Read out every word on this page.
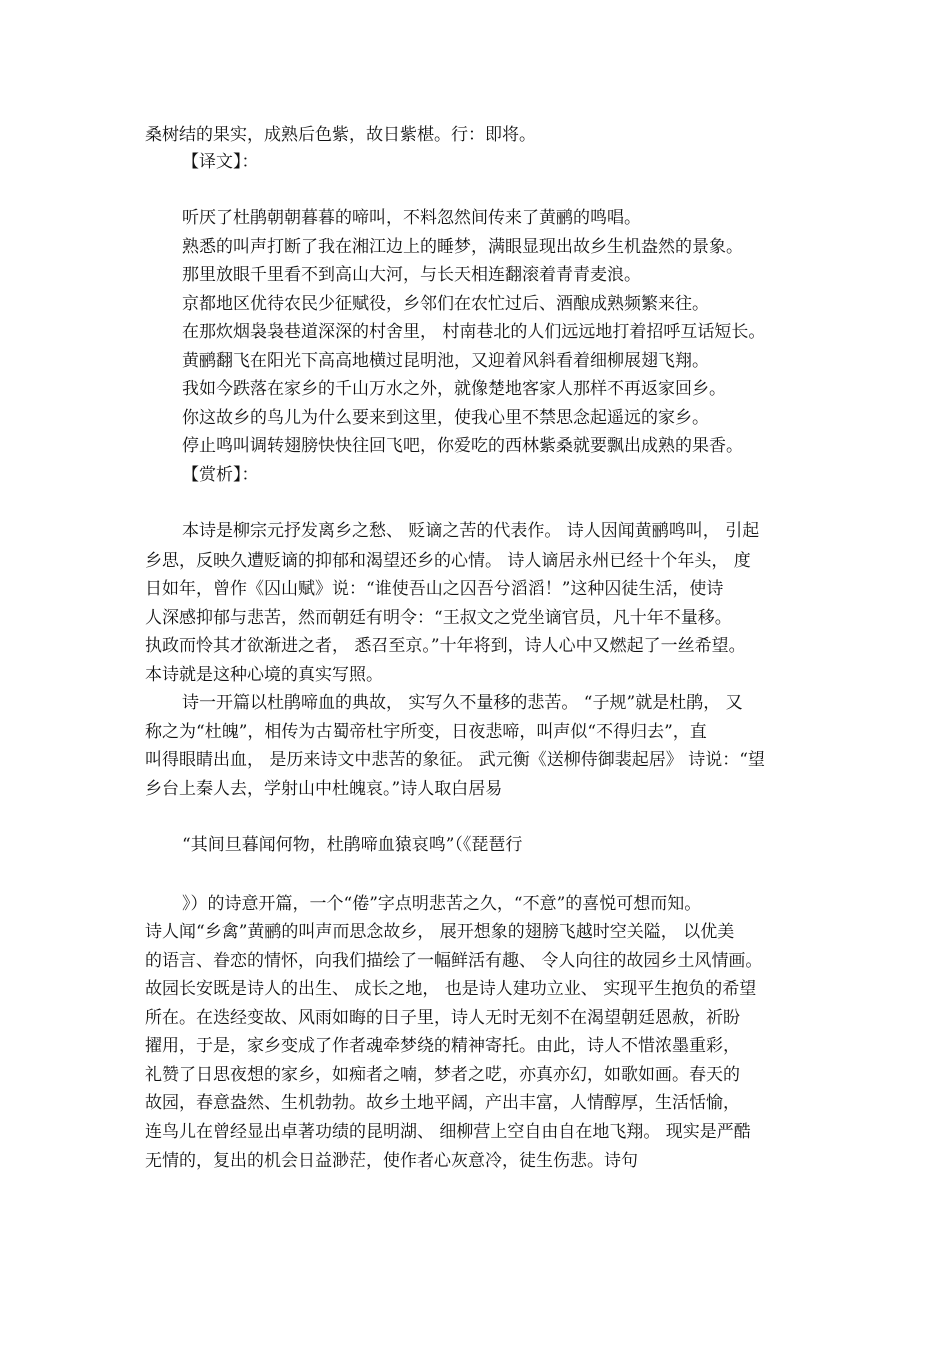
桑树结的果实，成熟后色紫，故日紫椹。行：即将。
【译文】：
听厌了杜鹃朝朝暮暮的啼叫，不料忽然间传来了黄鹂的鸣唱。
熟悉的叫声打断了我在湘江边上的睡梦，满眼显现出故乡生机盎然的景象。
那里放眼千里看不到高山大河，与长天相连翻滚着青青麦浪。
京都地区优待农民少征赋役，乡邻们在农忙过后、酒酿成熟频繁来往。
在那炊烟袅袅巷道深深的村舍里， 村南巷北的人们远远地打着招呼互话短长。
黄鹂翻飞在阳光下高高地横过昆明池，又迎着风斜看着细柳展翅飞翔。
我如今跌落在家乡的千山万水之外，就像楚地客家人那样不再返家回乡。
你这故乡的鸟儿为什么要来到这里，使我心里不禁思念起遥远的家乡。
停止鸣叫调转翅膀快快往回飞吧，你爱吃的西林紫桑就要飘出成熟的果香。
【赏析】：
本诗是柳宗元抒发离乡之愁、 贬谪之苦的代表作。 诗人因闻黄鹂鸣叫， 引起
乡思，反映久遭贬谪的抑郁和渴望还乡的心情。 诗人谪居永州已经十个年头， 度
日如年，曾作《囚山赋》说：“谁使吾山之囚吾兮滔滔！”这种囚徒生活，使诗
人深感抑郁与悲苦，然而朝廷有明令：“王叔文之党坐谪官员，凡十年不量移。
执政而怜其才欲渐进之者， 悉召至京。”十年将到，诗人心中又燃起了一丝希望。
本诗就是这种心境的真实写照。
诗一开篇以杜鹃啼血的典故， 实写久不量移的悲苦。 “子规”就是杜鹃， 又
称之为“杜魄”，相传为古蜀帝杜宇所变，日夜悲啼，叫声似“不得归去”，直
叫得眼睛出血， 是历来诗文中悲苦的象征。 武元衡《送柳侍御裴起居》 诗说：“望
乡台上秦人去，学射山中杜魄哀。”诗人取白居易
“其间旦暮闻何物，杜鹃啼血猿哀鸣”（《琵琶行
》）的诗意开篇，一个“倦”字点明悲苦之久，“不意”的喜悦可想而知。
诗人闻“乡禽”黄鹂的叫声而思念故乡， 展开想象的翅膀飞越时空关隘， 以优美
的语言、眷恋的情怀，向我们描绘了一幅鲜活有趣、 令人向往的故园乡土风情画。
故园长安既是诗人的出生、 成长之地， 也是诗人建功立业、 实现平生抱负的希望
所在。在迭经变故、风雨如晦的日子里，诗人无时无刻不在渴望朝廷恩赦，祈盼
擢用，于是，家乡变成了作者魂牵梦绕的精神寄托。由此，诗人不惜浓墨重彩，
礼赞了日思夜想的家乡，如痴者之喃，梦者之呓，亦真亦幻，如歌如画。春天的
故园，春意盎然、生机勃勃。故乡土地平阔，产出丰富，人情醇厚，生活恬愉，
连鸟儿在曾经显出卓著功绩的昆明湖、 细柳营上空自由自在地飞翔。 现实是严酷
无情的，复出的机会日益渺茫，使作者心灰意冷，徒生伤悲。诗句
